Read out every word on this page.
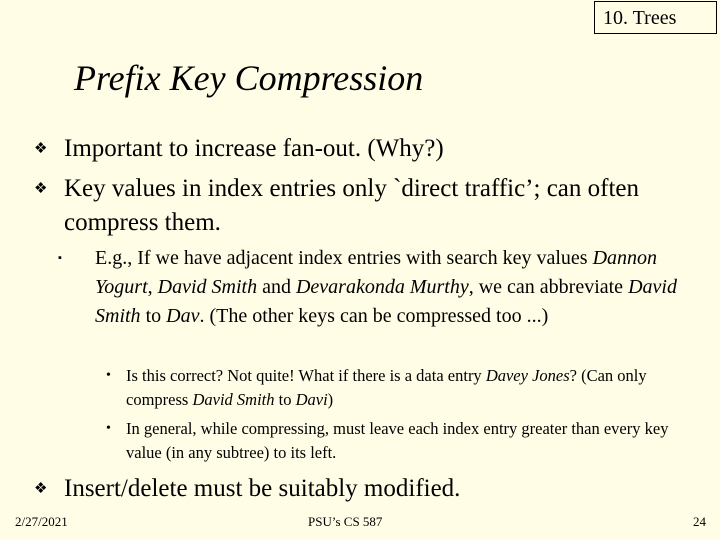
10. Trees
Prefix Key Compression
❖ Important to increase fan-out. (Why?)
❖ Key values in index entries only `direct traffic’; can often compress them.
▪	E.g., If we have adjacent index entries with search key values Dannon Yogurt, David Smith and Devarakonda Murthy, we can abbreviate David Smith to Dav. (The other keys can be compressed too ...)
• Is this correct? Not quite! What if there is a data entry Davey Jones? (Can only compress David Smith to Davi)
• In general, while compressing, must leave each index entry greater than every key value (in any subtree) to its left.
❖ Insert/delete must be suitably modified.
2/27/2021	PSU’s CS 587	24
